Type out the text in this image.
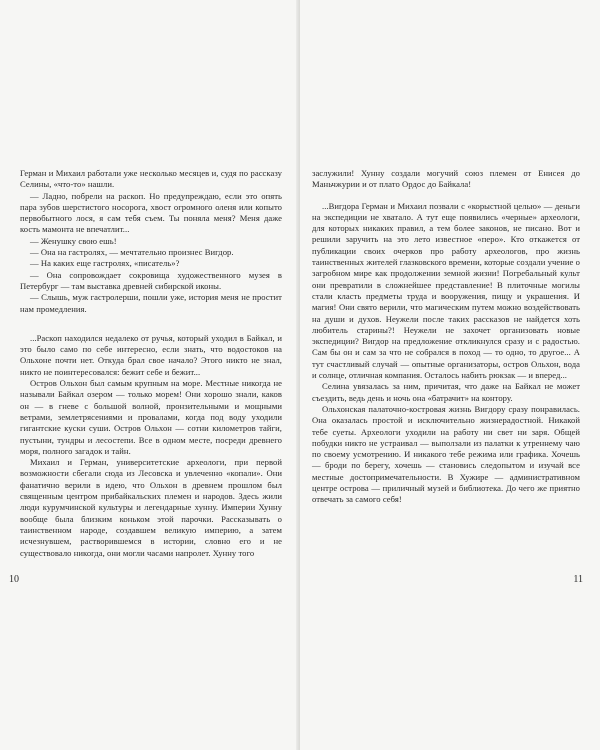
Герман и Михаил работали уже несколько месяцев и, судя по рассказу Селины, «что-то» нашли.

— Ладно, побрели на раскоп. Но предупреждаю, если это опять пара зубов шерстистого носорога, хвост огромного оленя или копыто первобытного лося, я сам тебя съем. Ты поняла меня? Меня даже кость мамонта не впечатлит...

— Женушку свою ешь!

— Она на гастролях, — мечтательно произнес Вигдор.

— На каких еще гастролях, «писатель»?

— Она сопровождает сокровища художественного музея в Петербург — там выставка древней сибирской иконы.

— Слышь, муж гастролерши, пошли уже, история меня не простит нам промедления.

...Раскоп находился недалеко от ручья, который уходил в Байкал, и это было само по себе интересно, если знать, что водостоков на Ольхоне почти нет. Откуда брал свое начало? Этого никто не знал, никто не поинтересовался: бежит себе и бежит...

Остров Ольхон был самым крупным на море. Местные никогда не называли Байкал озером — только морем! Они хорошо знали, каков он — в гневе с большой волной, пронзительными и мощными ветрами, землетрясениями и провалами, когда под воду уходили гигантские куски суши. Остров Ольхон — сотни километров тайги, пустыни, тундры и лесостепи. Все в одном месте, посреди древнего моря, полного загадок и тайн.

Михаил и Герман, университетские археологи, при первой возможности сбегали сюда из Лесовска и увлеченно «копали». Они фанатично верили в идею, что Ольхон в древнем прошлом был священным центром прибайкальских племен и народов. Здесь жили люди курумчинской культуры и легендарные хунну. Империи Хунну вообще была близким коньком этой парочки. Рассказывать о таинственном народе, создавшем великую империю, а затем исчезнувшем, растворившемся в истории, словно его и не существовало никогда, они могли часами напролет. Хунну того

10

заслужили! Хунну создали могучий союз племен от Енисея до Маньчжурии и от плато Ордос до Байкала!

...Вигдора Герман и Михаил позвали с «корыстной целью» — деньги на экспедиции не хватало. А тут еще появились «черные» археологи, для которых никаких правил, а тем более законов, не писано. Вот и решили заручить на это лето известное «перо». Кто откажется от публикации своих очерков про работу археологов, про жизнь таинственных жителей глазковского времени, которые создали учение о загробном мире как продолжении земной жизни! Погребальный культ они превратили в сложнейшее представление! В плиточные могилы стали класть предметы труда и вооружения, пищу и украшения. И магия! Они свято верили, что магическим путем можно воздействовать на души и духов. Неужели после таких рассказов не найдется хоть любитель старины?! Неужели не захочет организовать новые экспедиции? Вигдор на предложение откликнулся сразу и с радостью. Сам бы он и сам за что не собрался в поход — то одно, то другое... А тут счастливый случай — опытные организаторы, остров Ольхон, вода и солнце, отличная компания. Осталось набить рюкзак — и вперед...

Селина увязалась за ним, причитая, что даже на Байкал не может съездить, ведь день и ночь она «батрачит» на контору.

Ольхонская палаточно-костровая жизнь Вигдору сразу понравилась. Она оказалась простой и исключительно жизнерадостной. Никакой тебе суеты. Археологи уходили на работу ни свет ни заря. Общей побудки никто не устраивал — выползали из палатки к утреннему чаю по своему усмотрению. И никакого тебе режима или графика. Хочешь — броди по берегу, хочешь — становись следопытом и изучай все местные достопримечательности. В Хужире — административном центре острова — приличный музей и библиотека. До чего же приятно отвечать за самого себя!

11
